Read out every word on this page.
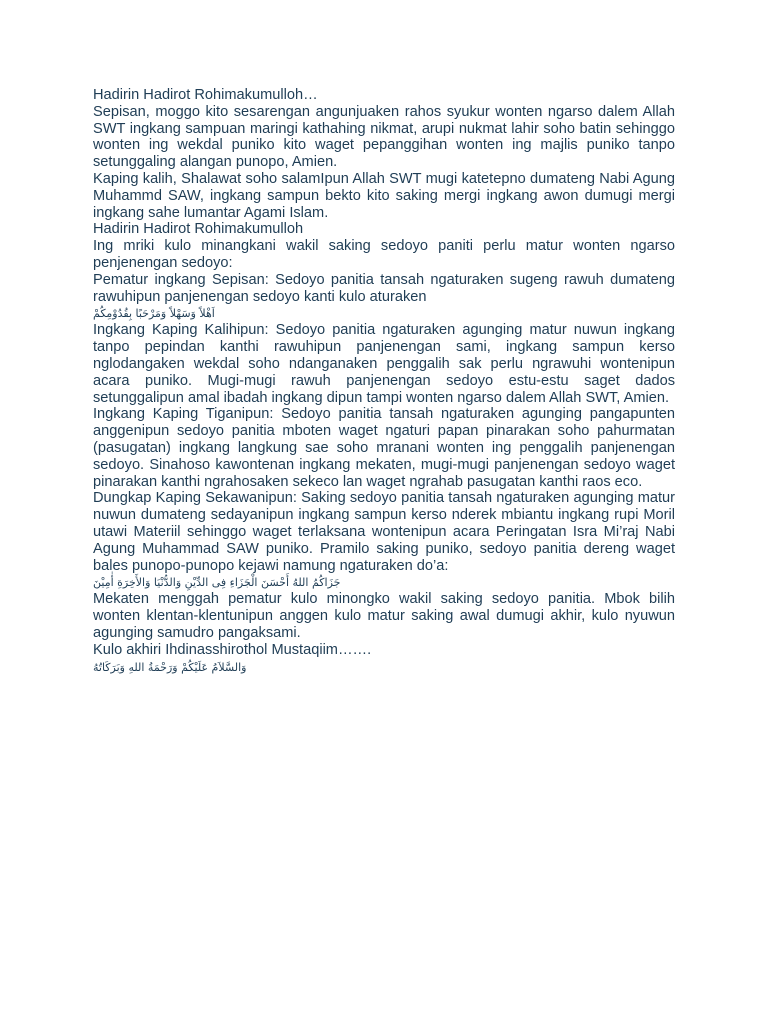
Hadirin Hadirot Rohimakumulloh…

Sepisan, moggo kito sesarengan angunjuaken rahos syukur wonten ngarso dalem Allah SWT ingkang sampuan maringi kathahing nikmat, arupi nukmat lahir soho batin sehinggo wonten ing wekdal puniko kito waget pepanggihan wonten ing majlis puniko tanpo setunggaling alangan punopo, Amien.

Kaping kalih, Shalawat soho salamIpun Allah SWT mugi katetepno dumateng Nabi Agung Muhammd SAW, ingkang sampun bekto kito saking mergi ingkang awon dumugi mergi ingkang sahe lumantar Agami Islam.

Hadirin Hadirot Rohimakumulloh

Ing mriki kulo minangkani wakil saking sedoyo paniti perlu matur wonten ngarso penjenengan sedoyo:

Pematur ingkang Sepisan: Sedoyo panitia tansah ngaturaken sugeng rawuh dumateng rawuhipun panjenengan sedoyo kanti kulo aturaken

اَهْلاً وَسَهْلاً وَمَرْحَبًا بِقُدُوْمِكُمْ

Ingkang Kaping Kalihipun: Sedoyo panitia ngaturaken agunging matur nuwun ingkang tanpo pepindan kanthi rawuhipun panjenengan sami, ingkang sampun kerso nglodangaken wekdal soho ndanganaken penggalih sak perlu ngrawuhi wontenipun acara puniko. Mugi-mugi rawuh panjenengan sedoyo estu-estu saget dados setunggalipun amal ibadah ingkang dipun tampi wonten ngarso dalem Allah SWT, Amien.

Ingkang Kaping Tiganipun: Sedoyo panitia tansah ngaturaken agunging pangapunten anggenipun sedoyo panitia mboten waget ngaturi papan pinarakan soho pahurmatan (pasugatan) ingkang langkung sae soho mranani wonten ing penggalih panjenengan sedoyo. Sinahoso kawontenan ingkang mekaten, mugi-mugi panjenengan sedoyo waget pinarakan kanthi ngrahosaken sekeco lan waget ngrahab pasugatan kanthi raos eco.

Dungkap Kaping Sekawanipun: Saking sedoyo panitia tansah ngaturaken agunging matur nuwun dumateng sedayanipun ingkang sampun kerso nderek mbiantu ingkang rupi Moril utawi Materiil sehinggo waget terlaksana wontenipun acara Peringatan Isra Mi’raj Nabi Agung Muhammad SAW puniko. Pramilo saking puniko, sedoyo panitia dereng waget bales punopo-punopo kejawi namung ngaturaken do’a:

جَزَاكُمُ اللهُ أَحْسَنَ الْجَزَاءِ فِى الدِّيْنِ وَالدُّنْيَا وَالأَخِرَةِ أٰمِيْنَ

Mekaten menggah pematur kulo minongko wakil saking sedoyo panitia. Mbok bilih wonten klentan-klentunipun anggen kulo matur saking awal dumugi akhir, kulo nyuwun agunging samudro pangaksami.

Kulo akhiri Ihdinasshirothol Mustaqiim…….

وَالسَّلاَمُ عَلَيْكُمْ وَرَحْمَةُ اللهِ وَبَرَكَاتُهُ
